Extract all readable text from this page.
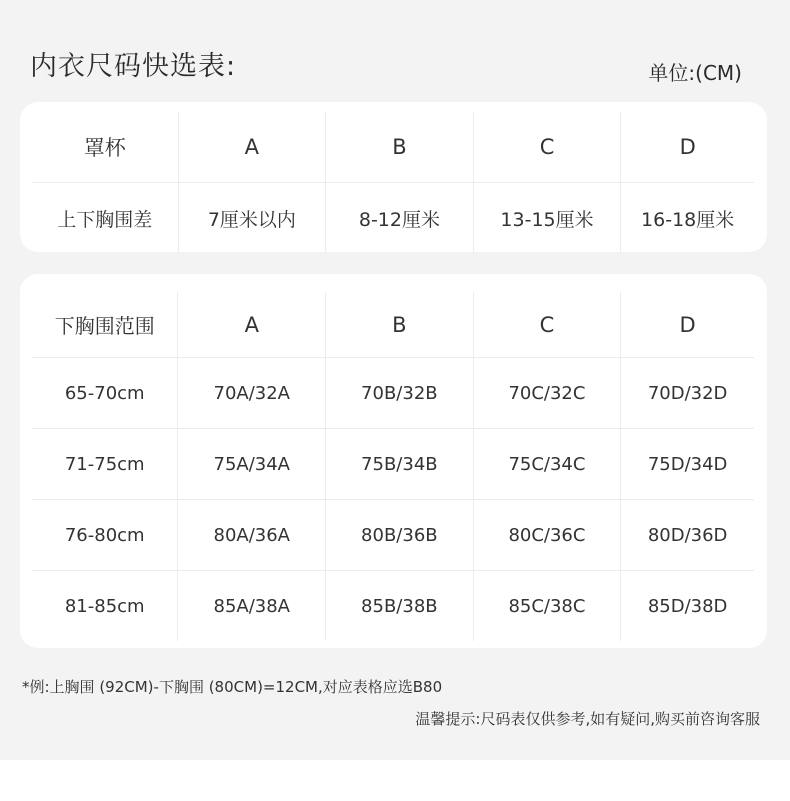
内衣尺码快选表:	单位:(CM)
罩杯	A	B	C	D
上下胸围差	7厘米以内	8-12厘米	13-15厘米	16-18厘米
下胸围范围	A	B	C	D
65-70cm	70A/32A	70B/32B	70C/32C	70D/32D
71-75cm	75A/34A	75B/34B	75C/34C	75D/34D
76-80cm	80A/36A	80B/36B	80C/36C	80D/36D
81-85cm	85A/38A	85B/38B	85C/38C	85D/38D
*例:上胸围 (92CM)-下胸围 (80CM)=12CM,对应表格应选B80
温馨提示:尺码表仅供参考,如有疑问,购买前咨询客服
